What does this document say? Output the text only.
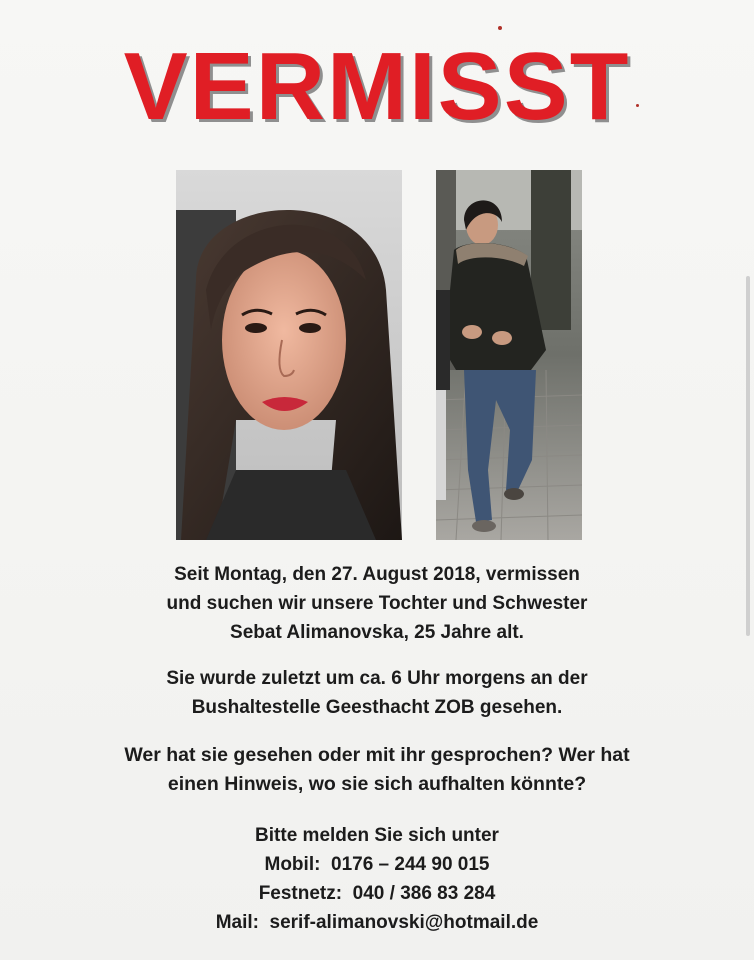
VERMISST
Seit Montag, den 27. August 2018, vermissen
und suchen wir unsere Tochter und Schwester
Sebat Alimanovska, 25 Jahre alt.
Sie wurde zuletzt um ca. 6 Uhr morgens an der
Bushaltestelle Geesthacht ZOB gesehen.
Wer hat sie gesehen oder mit ihr gesprochen? Wer hat
einen Hinweis, wo sie sich aufhalten könnte?
Bitte melden Sie sich unter
Mobil: 0176 – 244 90 015
Festnetz: 040 / 386 83 284
Mail: serif-alimanovski@hotmail.de
